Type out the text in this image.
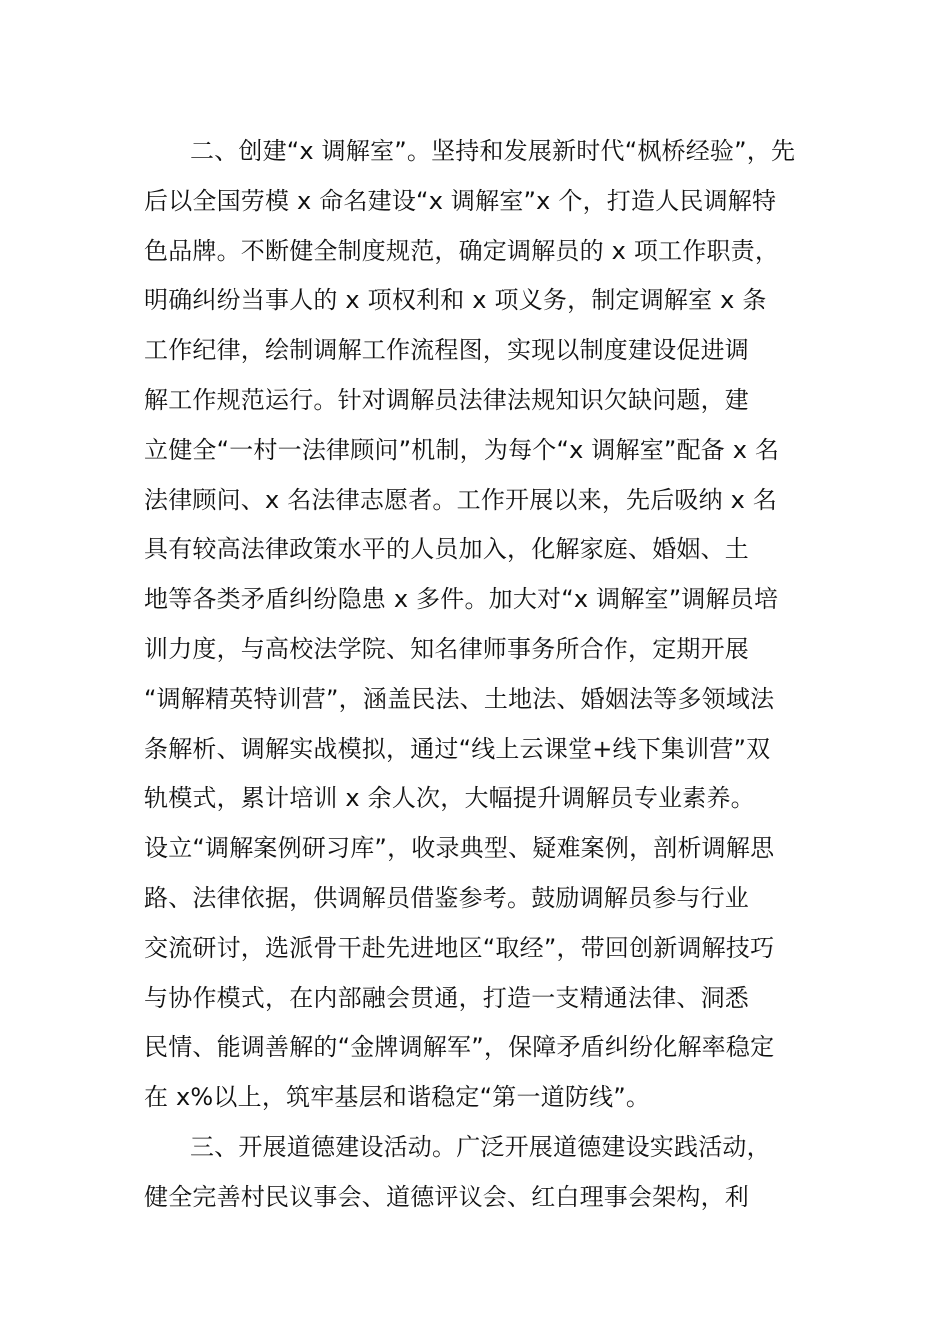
二、创建“x 调解室”。坚持和发展新时代“枫桥经验”，先
后以全国劳模 x 命名建设“x 调解室”x 个，打造人民调解特
色品牌。不断健全制度规范，确定调解员的 x 项工作职责，
明确纠纷当事人的 x 项权利和 x 项义务，制定调解室 x 条
工作纪律，绘制调解工作流程图，实现以制度建设促进调
解工作规范运行。针对调解员法律法规知识欠缺问题，建
立健全“一村一法律顾问”机制，为每个“x 调解室”配备 x 名
法律顾问、x 名法律志愿者。工作开展以来，先后吸纳 x 名
具有较高法律政策水平的人员加入，化解家庭、婚姻、土
地等各类矛盾纠纷隐患 x 多件。加大对“x 调解室”调解员培
训力度，与高校法学院、知名律师事务所合作，定期开展
“调解精英特训营”，涵盖民法、土地法、婚姻法等多领域法
条解析、调解实战模拟，通过“线上云课堂+线下集训营”双
轨模式，累计培训 x 余人次，大幅提升调解员专业素养。
设立“调解案例研习库”，收录典型、疑难案例，剖析调解思
路、法律依据，供调解员借鉴参考。鼓励调解员参与行业
交流研讨，选派骨干赴先进地区“取经”，带回创新调解技巧
与协作模式，在内部融会贯通，打造一支精通法律、洞悉
民情、能调善解的“金牌调解军”，保障矛盾纠纷化解率稳定
在 x%以上，筑牢基层和谐稳定“第一道防线”。
三、开展道德建设活动。广泛开展道德建设实践活动，
健全完善村民议事会、道德评议会、红白理事会架构，利
